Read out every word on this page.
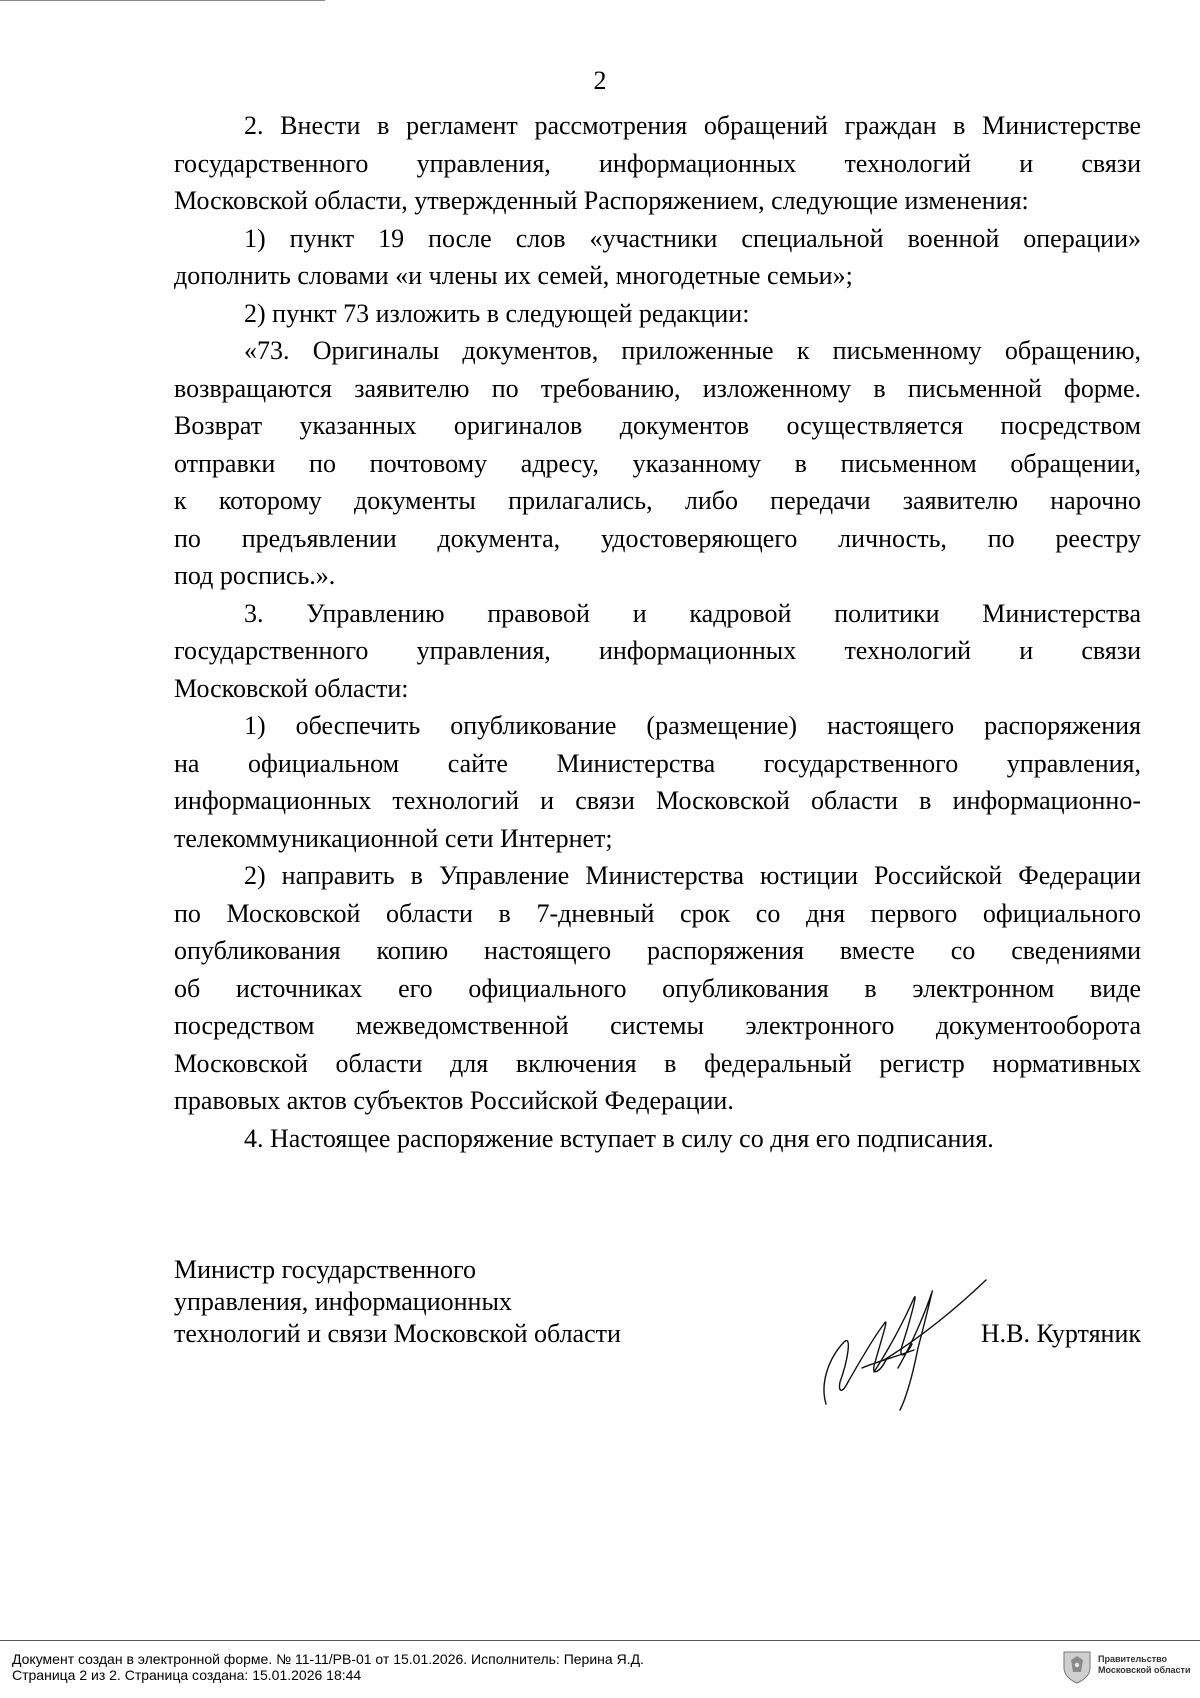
2

2. Внести в регламент рассмотрения обращений граждан в Министерстве
государственного управления, информационных технологий и связи
Московской области, утвержденный Распоряжением, следующие изменения:

1) пункт 19 после слов «участники специальной военной операции»
дополнить словами «и члены их семей, многодетные семьи»;

2) пункт 73 изложить в следующей редакции:

«73. Оригиналы документов, приложенные к письменному обращению,
возвращаются заявителю по требованию, изложенному в письменной форме.
Возврат указанных оригиналов документов осуществляется посредством
отправки по почтовому адресу, указанному в письменном обращении,
к которому документы прилагались, либо передачи заявителю нарочно
по предъявлении документа, удостоверяющего личность, по реестру
под роспись.».

3. Управлению правовой и кадровой политики Министерства
государственного управления, информационных технологий и связи
Московской области:

1) обеспечить опубликование (размещение) настоящего распоряжения
на официальном сайте Министерства государственного управления,
информационных технологий и связи Московской области в информационно-
телекоммуникационной сети Интернет;

2) направить в Управление Министерства юстиции Российской Федерации
по Московской области в 7-дневный срок со дня первого официального
опубликования копию настоящего распоряжения вместе со сведениями
об источниках его официального опубликования в электронном виде
посредством межведомственной системы электронного документооборота
Московской области для включения в федеральный регистр нормативных
правовых актов субъектов Российской Федерации.

4. Настоящее распоряжение вступает в силу со дня его подписания.

Министр государственного
управления, информационных
технологий и связи Московской области	Н.В. Куртяник
Документ создан в электронной форме. № 11-11/РВ-01 от 15.01.2026. Исполнитель: Перина Я.Д.
Страница 2 из 2. Страница создана: 15.01.2026 18:44
Правительство
Московской области
